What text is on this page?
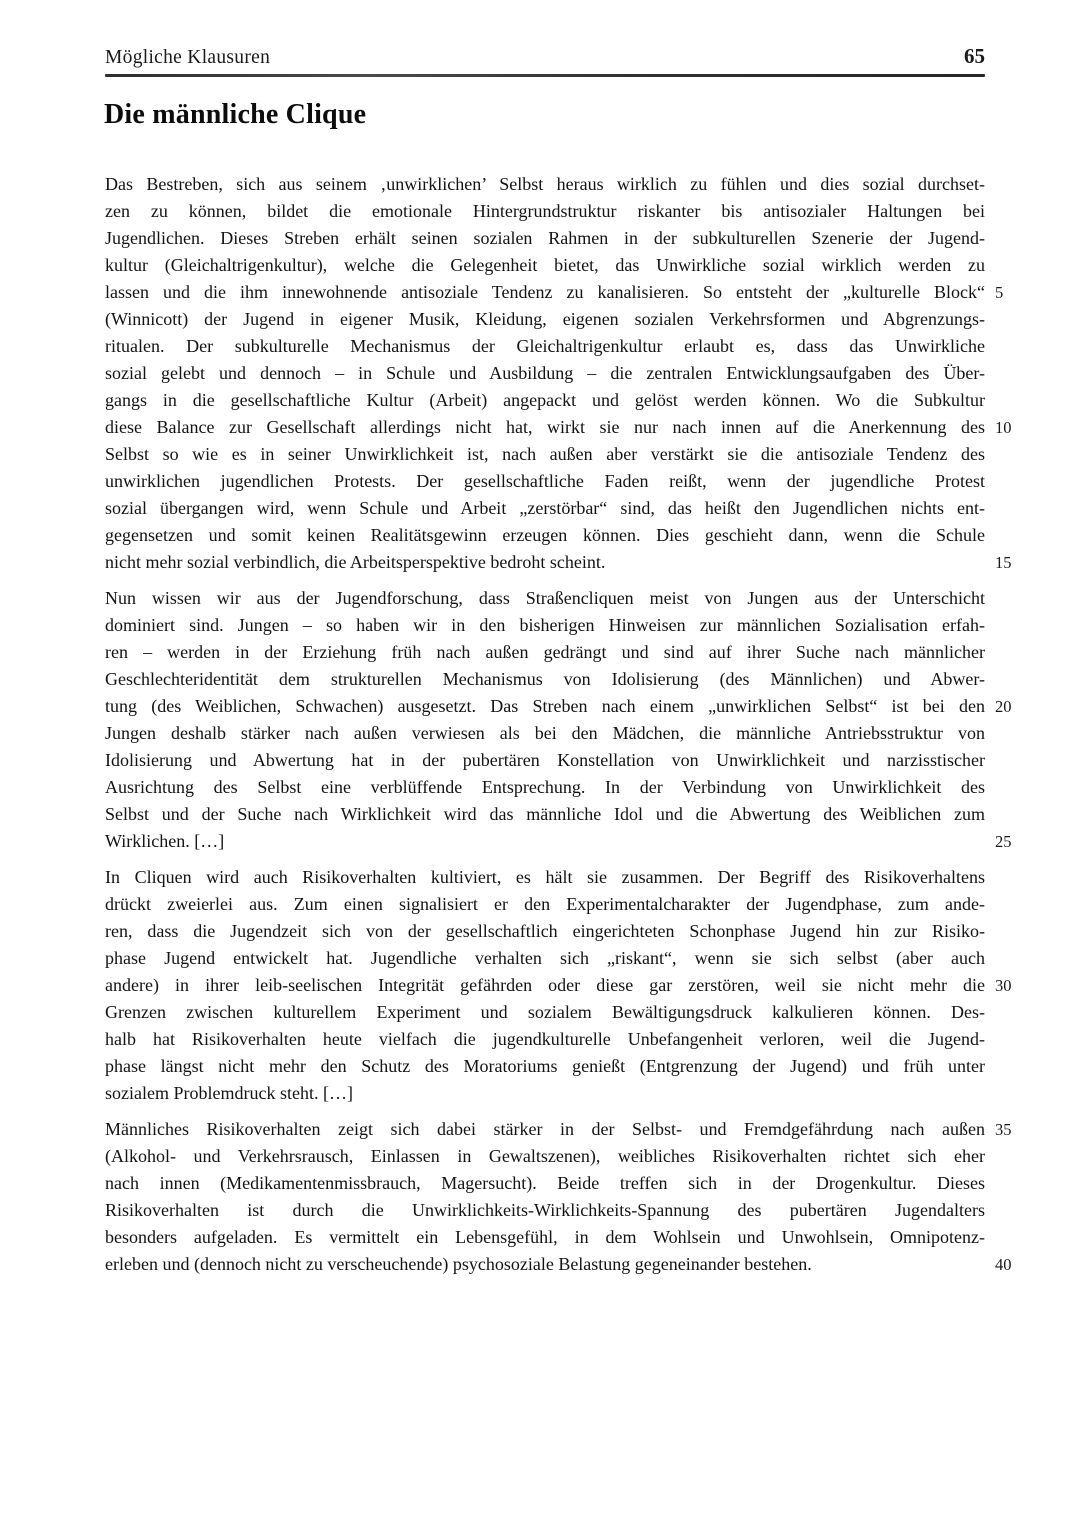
Mögliche Klausuren	65
Die männliche Clique
Das Bestreben, sich aus seinem ‚unwirklichen’ Selbst heraus wirklich zu fühlen und dies sozial durchset-
zen zu können, bildet die emotionale Hintergrundstruktur riskanter bis antisozialer Haltungen bei
Jugendlichen. Dieses Streben erhält seinen sozialen Rahmen in der subkulturellen Szenerie der Jugend-
kultur (Gleichaltrigenkultur), welche die Gelegenheit bietet, das Unwirkliche sozial wirklich werden zu
lassen und die ihm innewohnende antisoziale Tendenz zu kanalisieren. So entsteht der „kulturelle Block“ 5
(Winnicott) der Jugend in eigener Musik, Kleidung, eigenen sozialen Verkehrsformen und Abgrenzungs-
ritualen. Der subkulturelle Mechanismus der Gleichaltrigenkultur erlaubt es, dass das Unwirkliche
sozial gelebt und dennoch – in Schule und Ausbildung – die zentralen Entwicklungsaufgaben des Über-
gangs in die gesellschaftliche Kultur (Arbeit) angepackt und gelöst werden können. Wo die Subkultur
diese Balance zur Gesellschaft allerdings nicht hat, wirkt sie nur nach innen auf die Anerkennung des 10
Selbst so wie es in seiner Unwirklichkeit ist, nach außen aber verstärkt sie die antisoziale Tendenz des
unwirklichen jugendlichen Protests. Der gesellschaftliche Faden reißt, wenn der jugendliche Protest
sozial übergangen wird, wenn Schule und Arbeit „zerstörbar“ sind, das heißt den Jugendlichen nichts ent-
gegensetzen und somit keinen Realitätsgewinn erzeugen können. Dies geschieht dann, wenn die Schule
nicht mehr sozial verbindlich, die Arbeitsperspektive bedroht scheint.	15
Nun wissen wir aus der Jugendforschung, dass Straßencliquen meist von Jungen aus der Unterschicht
dominiert sind. Jungen – so haben wir in den bisherigen Hinweisen zur männlichen Sozialisation erfah-
ren – werden in der Erziehung früh nach außen gedrängt und sind auf ihrer Suche nach männlicher
Geschlechteridentität dem strukturellen Mechanismus von Idolisierung (des Männlichen) und Abwer-
tung (des Weiblichen, Schwachen) ausgesetzt. Das Streben nach einem „unwirklichen Selbst“ ist bei den 20
Jungen deshalb stärker nach außen verwiesen als bei den Mädchen, die männliche Antriebsstruktur von
Idolisierung und Abwertung hat in der pubertären Konstellation von Unwirklichkeit und narzisstischer
Ausrichtung des Selbst eine verblüffende Entsprechung. In der Verbindung von Unwirklichkeit des
Selbst und der Suche nach Wirklichkeit wird das männliche Idol und die Abwertung des Weiblichen zum
Wirklichen. […]	25
In Cliquen wird auch Risikoverhalten kultiviert, es hält sie zusammen. Der Begriff des Risikoverhaltens
drückt zweierlei aus. Zum einen signalisiert er den Experimentalcharakter der Jugendphase, zum ande-
ren, dass die Jugendzeit sich von der gesellschaftlich eingerichteten Schonphase Jugend hin zur Risiko-
phase Jugend entwickelt hat. Jugendliche verhalten sich „riskant“, wenn sie sich selbst (aber auch
andere) in ihrer leib-seelischen Integrität gefährden oder diese gar zerstören, weil sie nicht mehr die 30
Grenzen zwischen kulturellem Experiment und sozialem Bewältigungsdruck kalkulieren können. Des-
halb hat Risikoverhalten heute vielfach die jugendkulturelle Unbefangenheit verloren, weil die Jugend-
phase längst nicht mehr den Schutz des Moratoriums genießt (Entgrenzung der Jugend) und früh unter
sozialem Problemdruck steht. […]
Männliches Risikoverhalten zeigt sich dabei stärker in der Selbst- und Fremdgefährdung nach außen 35
(Alkohol- und Verkehrsrausch, Einlassen in Gewaltszenen), weibliches Risikoverhalten richtet sich eher
nach innen (Medikamentenmissbrauch, Magersucht). Beide treffen sich in der Drogenkultur. Dieses
Risikoverhalten ist durch die Unwirklichkeits-Wirklichkeits-Spannung des pubertären Jugendalters
besonders aufgeladen. Es vermittelt ein Lebensgefühl, in dem Wohlsein und Unwohlsein, Omnipotenz-
erleben und (dennoch nicht zu verscheuchende) psychosoziale Belastung gegeneinander bestehen.	40
